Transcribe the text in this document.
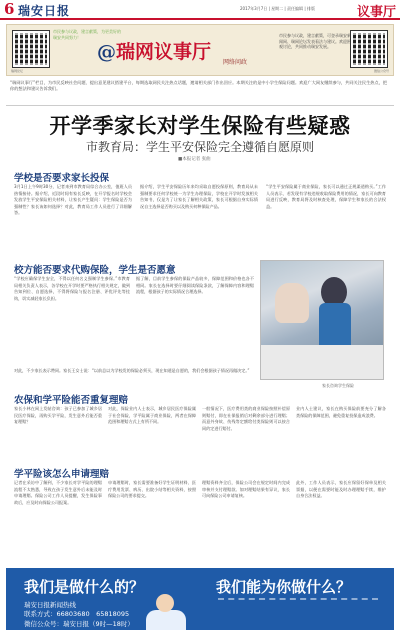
6 瑞安日报	2017年3月7日 | 星期二 | 责任编辑 | 排版	议事厅
瑞网论坛
市民参与议政，建言献策，为更美好的瑞安共同努力！
@瑞网议事厅 网络问政
市民参与议政，建言献策，可登录瑞安新闻网、瑞网论坛发表看法与建议。欢迎围观讨论，共同推动瑞安发展。
微信公众号
“瑞网议事厅”栏目，为市民反映社会问题、提出意见建议搭建平台，每期选取网民关注热点话题，邀请相关部门作出回应。本期关注的是中小学生保险问题。欢迎广大网友继续参与，共同关注民生热点，把你的想法和建议告诉我们。
开学季家长对学生保险有些疑惑
市教育局：学生平安保险完全遵循自愿原则
■本报记者 张曲
学校是否要求家长投保
3月1日上午9时30分，记者来到市教育局综合办公室，值班人员热情接待。据介绍，近段时间有家长反映，在开学报名时学校会发放学生平安保险相关材料，让家长产生疑问：学生保险是否为强制性？家长该如何选择？对此，教育局工作人员进行了详细解答。
据介绍，学生平安保险历年来均采取自愿投保原则，教育局从未强制要求任何学校统一为学生办理保险，学校在开学时发放相关告知书，仅是为了让家长了解相关政策，家长可根据自身实际情况自主选择是否购买以及购买何种保险产品。
“学生平安保险属于商业保险，家长可以通过正规渠道购买。”工作人员表示，若发现有学校违规收取保险费用的情况，家长可向教育局进行反映，教育局将及时核查处理，保障学生和家长的合法权益。
校方能否要求代购保险，学生是否愿意
“学校应确保学生安全，不得以任何名义强制学生参保。”市教育局相关负责人表示，各学校在开学时要严格执行相关规定，做到告知到位、自愿选择，不得将保险与报名注册、评优评先等挂钩，切实减轻家长负担。
据了解，目前学生参保的保险产品较多，保障范围和价格也各不相同。家长在选择时要仔细阅读保险条款，了解保障内容和理赔流程，根据孩子的实际情况合理选择。
对此，不少家长表示赞同。家长王女士说：“以前总以为学校发的保险必须买，现在知道是自愿的，我们会根据孩子情况再做决定。”
家长咨询学生保险
农保和学平险能否重复理赔
家长小林在网上发帖咨询：孩子已参加了城乡居民医疗保险，再购买学平险，发生意外后能否重复理赔？
对此，保险业内人士表示，城乡居民医疗保险属于社会保险，学平险属于商业保险，两者在保障范围和理赔方式上有所不同。
一般情况下，医疗费用类的商业保险按照补偿原则赔付，即在社保报销后对剩余部分进行理赔；而意外身故、伤残等定额给付类保险则可以按合同约定进行赔付。
业内人士建议，家长在购买保险前要充分了解各类保险的保障范围，避免重复投保造成浪费。
学平险该怎么申请理赔
记者在采访中了解到，不少家长对学平险的理赔流程不太熟悉，导致在孩子发生意外后未能及时申请理赔。保险公司工作人员提醒，发生保险事故后，应及时向保险公司报案。
申请理赔时，家长需要准备好学生证明材料、医疗费用发票、病历、出院小结等相关资料，按照保险公司的要求提交。
理赔资料齐全后，保险公司会在规定时间内完成审核并支付理赔款。如对理赔结果有异议，家长可向保险公司申请复核。
此外，工作人员表示，家长应保留好保单及相关票据，以便在需要时能及时办理理赔手续，维护自身合法权益。
我们是做什么的？	我们能为你做什么？
瑞安日报新闻热线
联系方式：66803680　65818095
微信公众号：瑞安日报（9时—18时）
